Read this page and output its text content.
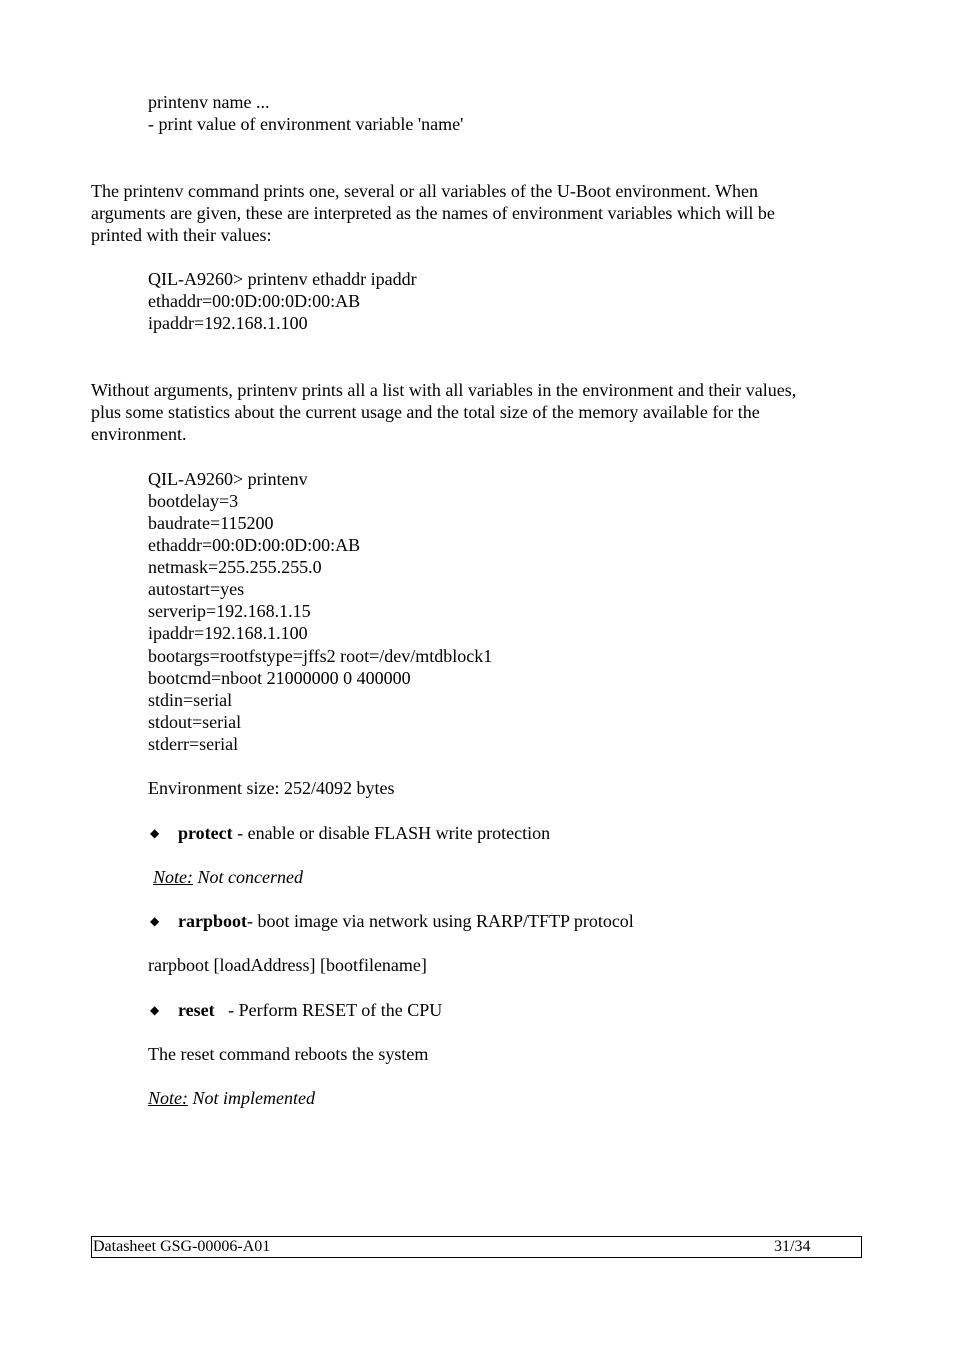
printenv name ...
- print value of environment variable 'name'
The printenv command prints one, several or all variables of the U-Boot environment. When
arguments are given, these are interpreted as the names of environment variables which will be
printed with their values:
QIL-A9260> printenv ethaddr ipaddr
ethaddr=00:0D:00:0D:00:AB
ipaddr=192.168.1.100
Without arguments, printenv prints all a list with all variables in the environment and their values,
plus some statistics about the current usage and the total size of the memory available for the
environment.
QIL-A9260> printenv
bootdelay=3
baudrate=115200
ethaddr=00:0D:00:0D:00:AB
netmask=255.255.255.0
autostart=yes
serverip=192.168.1.15
ipaddr=192.168.1.100
bootargs=rootfstype=jffs2 root=/dev/mtdblock1
bootcmd=nboot 21000000 0 400000
stdin=serial
stdout=serial
stderr=serial
Environment size: 252/4092 bytes
◆ protect - enable or disable FLASH write protection
Note: Not concerned
◆ rarpboot- boot image via network using RARP/TFTP protocol
rarpboot [loadAddress] [bootfilename]
◆ reset   - Perform RESET of the CPU
The reset command reboots the system
Note: Not implemented
Datasheet GSG-00006-A01	31/34
